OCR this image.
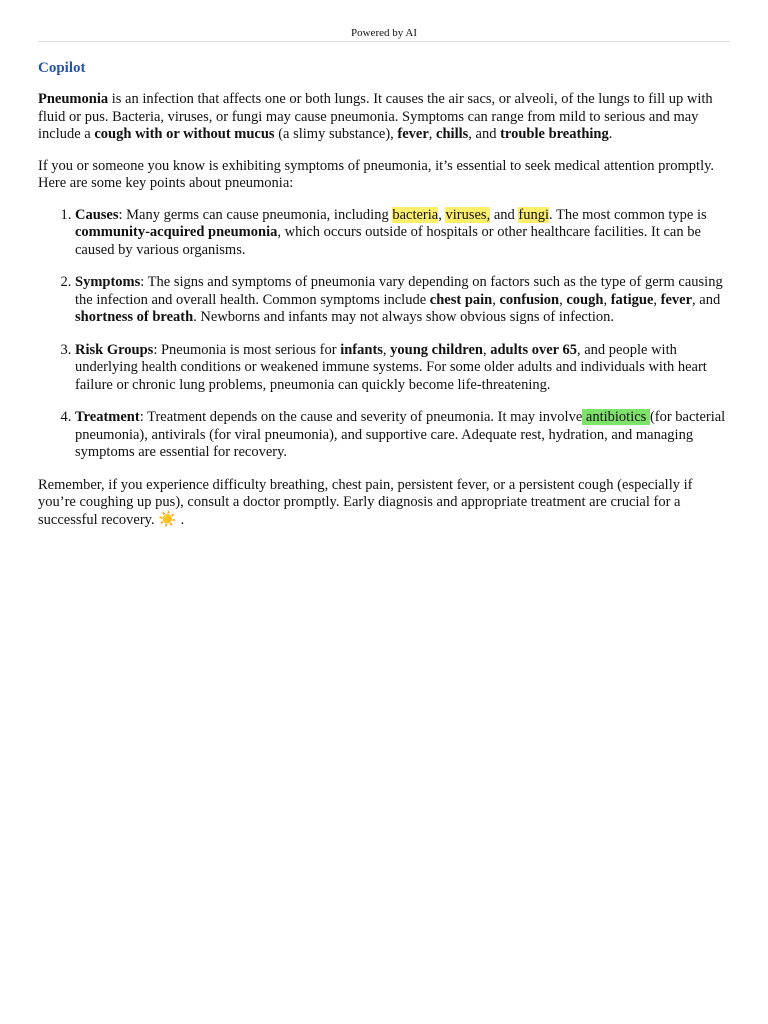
Powered by AI
Copilot

Pneumonia is an infection that affects one or both lungs. It causes the air sacs, or alveoli, of the lungs to fill up with fluid or pus. Bacteria, viruses, or fungi may cause pneumonia. Symptoms can range from mild to serious and may include a cough with or without mucus (a slimy substance), fever, chills, and trouble breathing.

If you or someone you know is exhibiting symptoms of pneumonia, it’s essential to seek medical attention promptly. Here are some key points about pneumonia:

1. Causes: Many germs can cause pneumonia, including bacteria, viruses, and fungi. The most common type is community-acquired pneumonia, which occurs outside of hospitals or other healthcare facilities. It can be caused by various organisms.
2. Symptoms: The signs and symptoms of pneumonia vary depending on factors such as the type of germ causing the infection and overall health. Common symptoms include chest pain, confusion, cough, fatigue, fever, and shortness of breath. Newborns and infants may not always show obvious signs of infection.
3. Risk Groups: Pneumonia is most serious for infants, young children, adults over 65, and people with underlying health conditions or weakened immune systems. For some older adults and individuals with heart failure or chronic lung problems, pneumonia can quickly become life-threatening.
4. Treatment: Treatment depends on the cause and severity of pneumonia. It may involve antibiotics (for bacterial pneumonia), antivirals (for viral pneumonia), and supportive care. Adequate rest, hydration, and managing symptoms are essential for recovery.

Remember, if you experience difficulty breathing, chest pain, persistent fever, or a persistent cough (especially if you’re coughing up pus), consult a doctor promptly. Early diagnosis and appropriate treatment are crucial for a successful recovery. ☀️ .
